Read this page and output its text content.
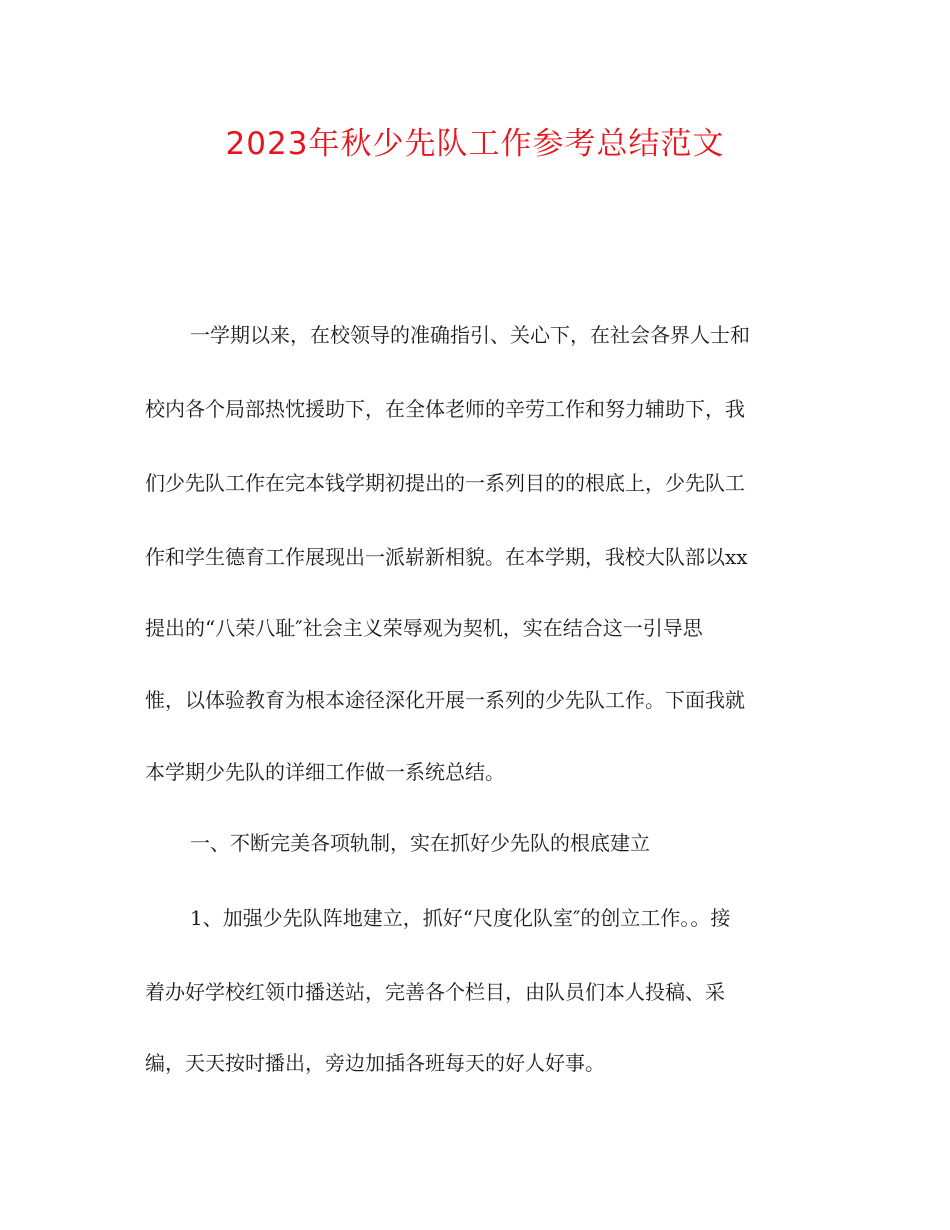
2023年秋少先队工作参考总结范文
一学期以来，在校领导的准确指引、关心下，在社会各界人士和
校内各个局部热忱援助下，在全体老师的辛劳工作和努力辅助下，我
们少先队工作在完本钱学期初提出的一系列目的的根底上，少先队工
作和学生德育工作展现出一派崭新相貌。在本学期，我校大队部以xx
提出的“八荣八耻″社会主义荣辱观为契机，实在结合这一引导思
惟，以体验教育为根本途径深化开展一系列的少先队工作。下面我就
本学期少先队的详细工作做一系统总结。
一、不断完美各项轨制，实在抓好少先队的根底建立
1、加强少先队阵地建立，抓好“尺度化队室″的创立工作。。接
着办好学校红领巾播送站，完善各个栏目，由队员们本人投稿、采
编，天天按时播出，旁边加插各班每天的好人好事。
